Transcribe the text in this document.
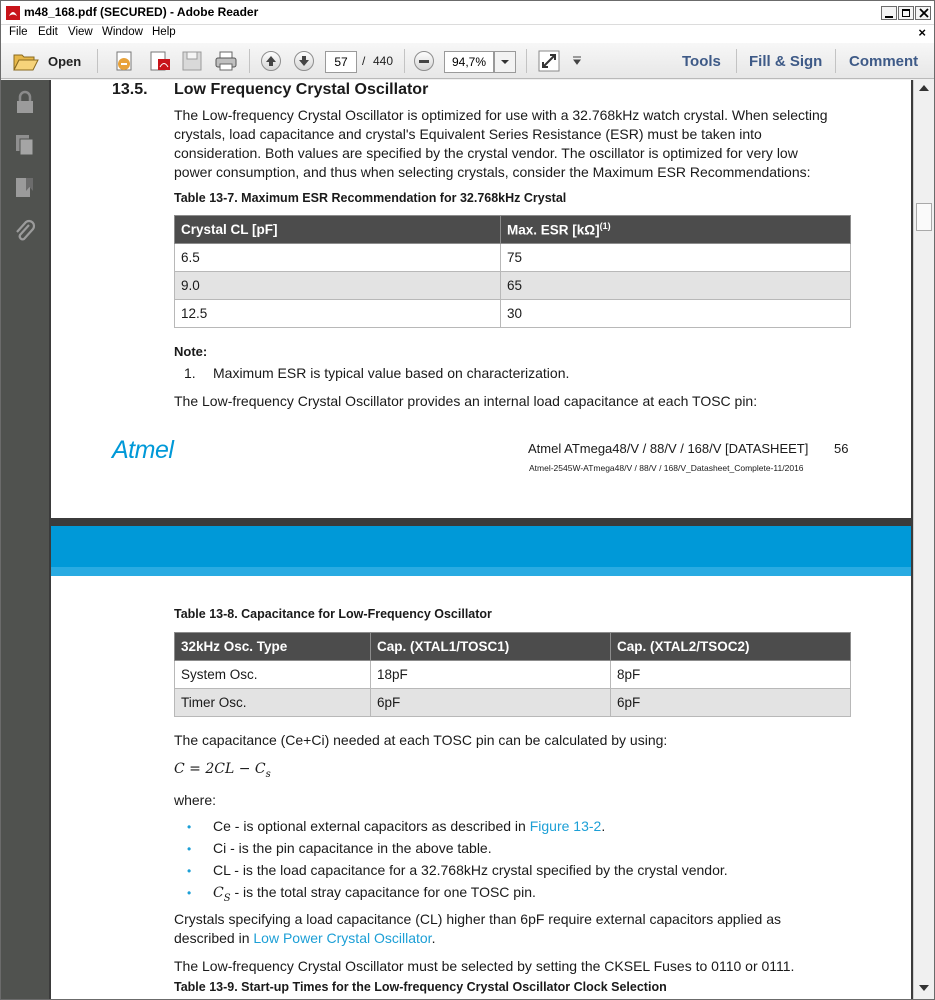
m48_168.pdf (SECURED) - Adobe Reader
File Edit View Window Help	×
Open	57	/ 440	94,7%	Tools Fill & Sign Comment
13.5. Low Frequency Crystal Oscillator
The Low-frequency Crystal Oscillator is optimized for use with a 32.768kHz watch crystal. When selecting
crystals, load capacitance and crystal's Equivalent Series Resistance (ESR) must be taken into
consideration. Both values are specified by the crystal vendor. The oscillator is optimized for very low
power consumption, and thus when selecting crystals, consider the Maximum ESR Recommendations:
Table 13-7. Maximum ESR Recommendation for 32.768kHz Crystal
Crystal CL [pF]	Max. ESR $[k\Omega]^{(1)}$
6.5	75
9.0	65
12.5	30
Note:
1. Maximum ESR is typical value based on characterization.
The Low-frequency Crystal Oscillator provides an internal load capacitance at each TOSC pin:
Atmel	Atmel ATmega48/V / 88/V / 168/V [DATASHEET] 56
Atmel-2545W-ATmega48/V / 88/V / 168/V_Datasheet_Complete-11/2016
Table 13-8. Capacitance for Low-Frequency Oscillator
32kHz Osc. Type	Cap. (XTAL1/TOSC1)	Cap. (XTAL2/TSOC2)
System Osc.	18pF	8pF
Timer Osc.	6pF	6pF
The capacitance (Ce+Ci) needed at each TOSC pin can be calculated by using:
$C = 2CL - C_s$
where:
• Ce - is optional external capacitors as described in Figure 13-2.
• Ci - is the pin capacitance in the above table.
• CL - is the load capacitance for a 32.768kHz crystal specified by the crystal vendor.
• $C_S$ - is the total stray capacitance for one TOSC pin.
Crystals specifying a load capacitance (CL) higher than 6pF require external capacitors applied as
described in Low Power Crystal Oscillator.
The Low-frequency Crystal Oscillator must be selected by setting the CKSEL Fuses to 0110 or 0111.
Table 13-9. Start-up Times for the Low-frequency Crystal Oscillator Clock Selection
